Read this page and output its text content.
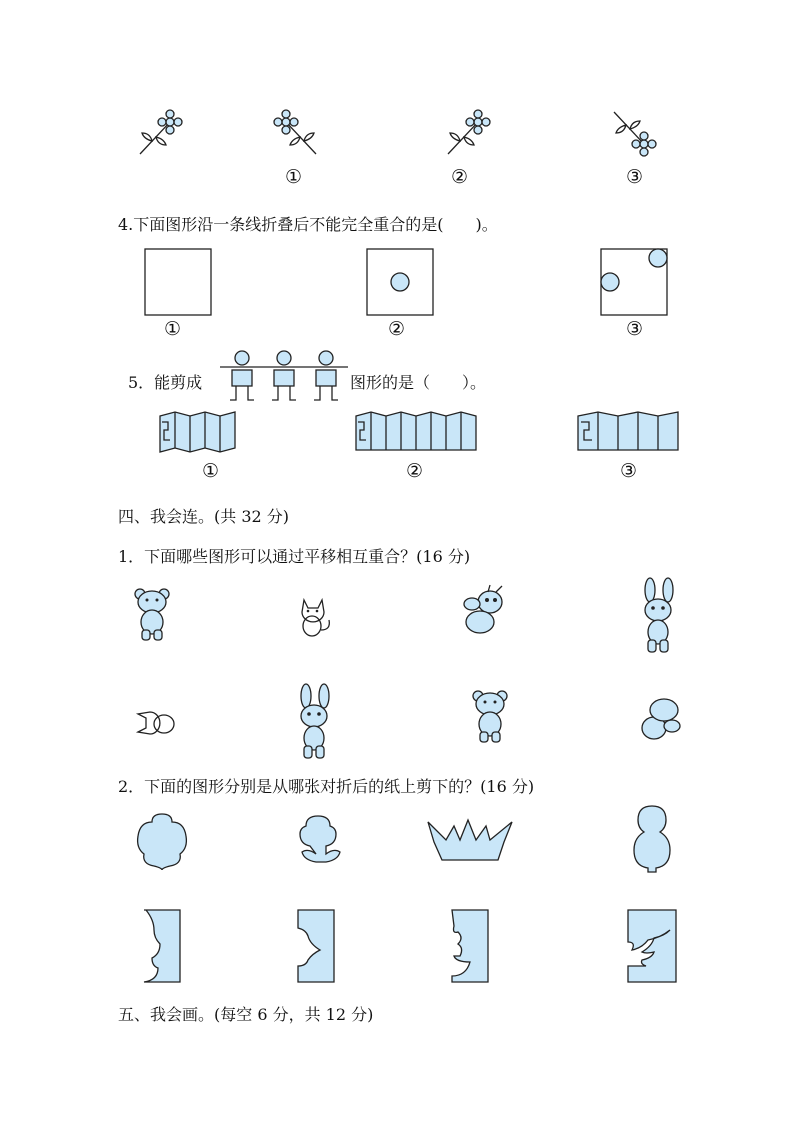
①	②	③
4.下面图形沿一条线折叠后不能完全重合的是(　　)。
①	②	③
5．能剪成	图形的是（　　）。
①	②	③
四、我会连。(共 32 分)
1．下面哪些图形可以通过平移相互重合？(16 分)
2．下面的图形分别是从哪张对折后的纸上剪下的？(16 分)
五、我会画。(每空 6 分，共 12 分)
